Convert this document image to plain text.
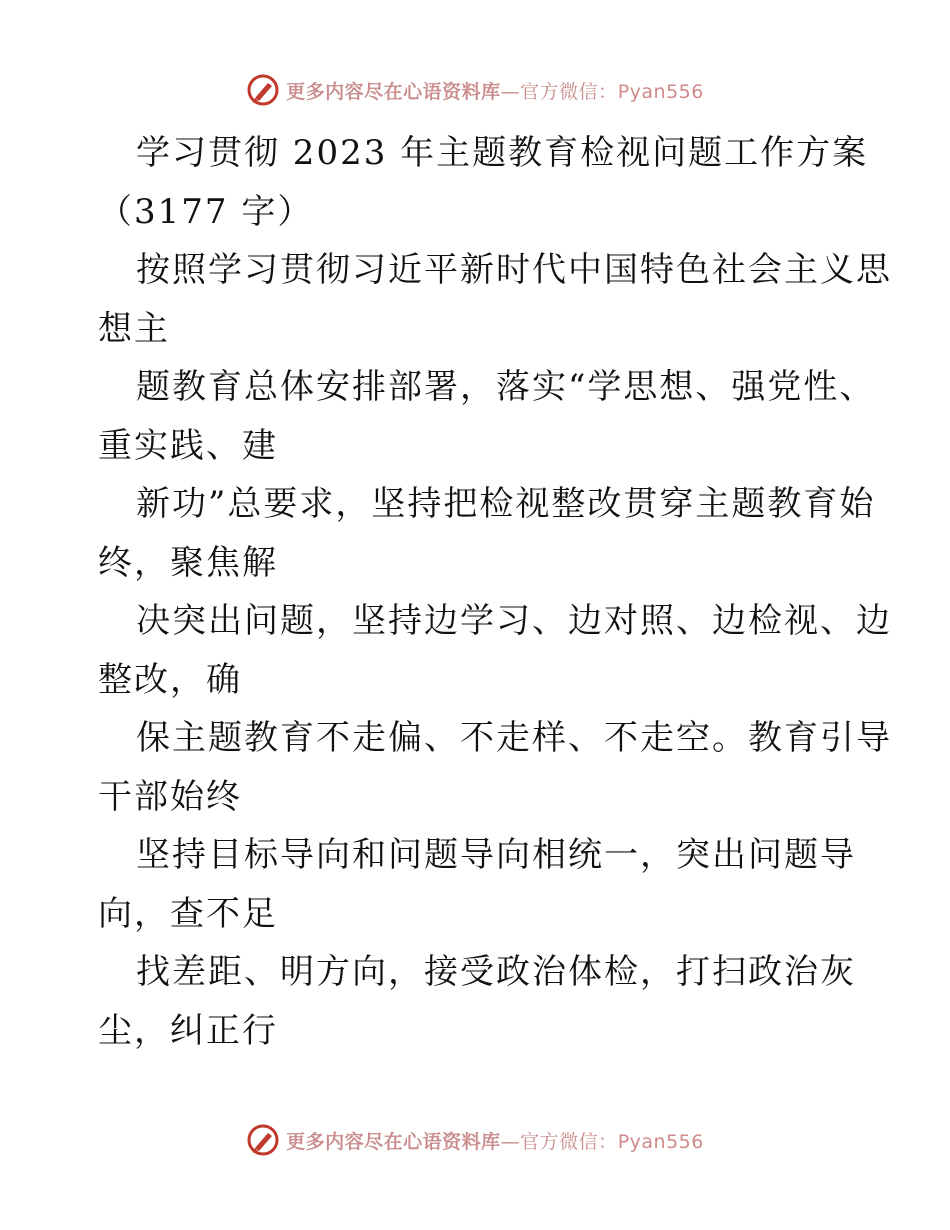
更多内容尽在心语资料库—官方微信：Pyan556
学习贯彻 2023 年主题教育检视问题工作方案
（3177 字）
按照学习贯彻习近平新时代中国特色社会主义思
想主
题教育总体安排部署，落实“学思想、强党性、
重实践、建
新功”总要求，坚持把检视整改贯穿主题教育始
终，聚焦解
决突出问题，坚持边学习、边对照、边检视、边
整改，确
保主题教育不走偏、不走样、不走空。教育引导
干部始终
坚持目标导向和问题导向相统一，突出问题导
向，查不足
找差距、明方向，接受政治体检，打扫政治灰
尘，纠正行
更多内容尽在心语资料库—官方微信：Pyan556
